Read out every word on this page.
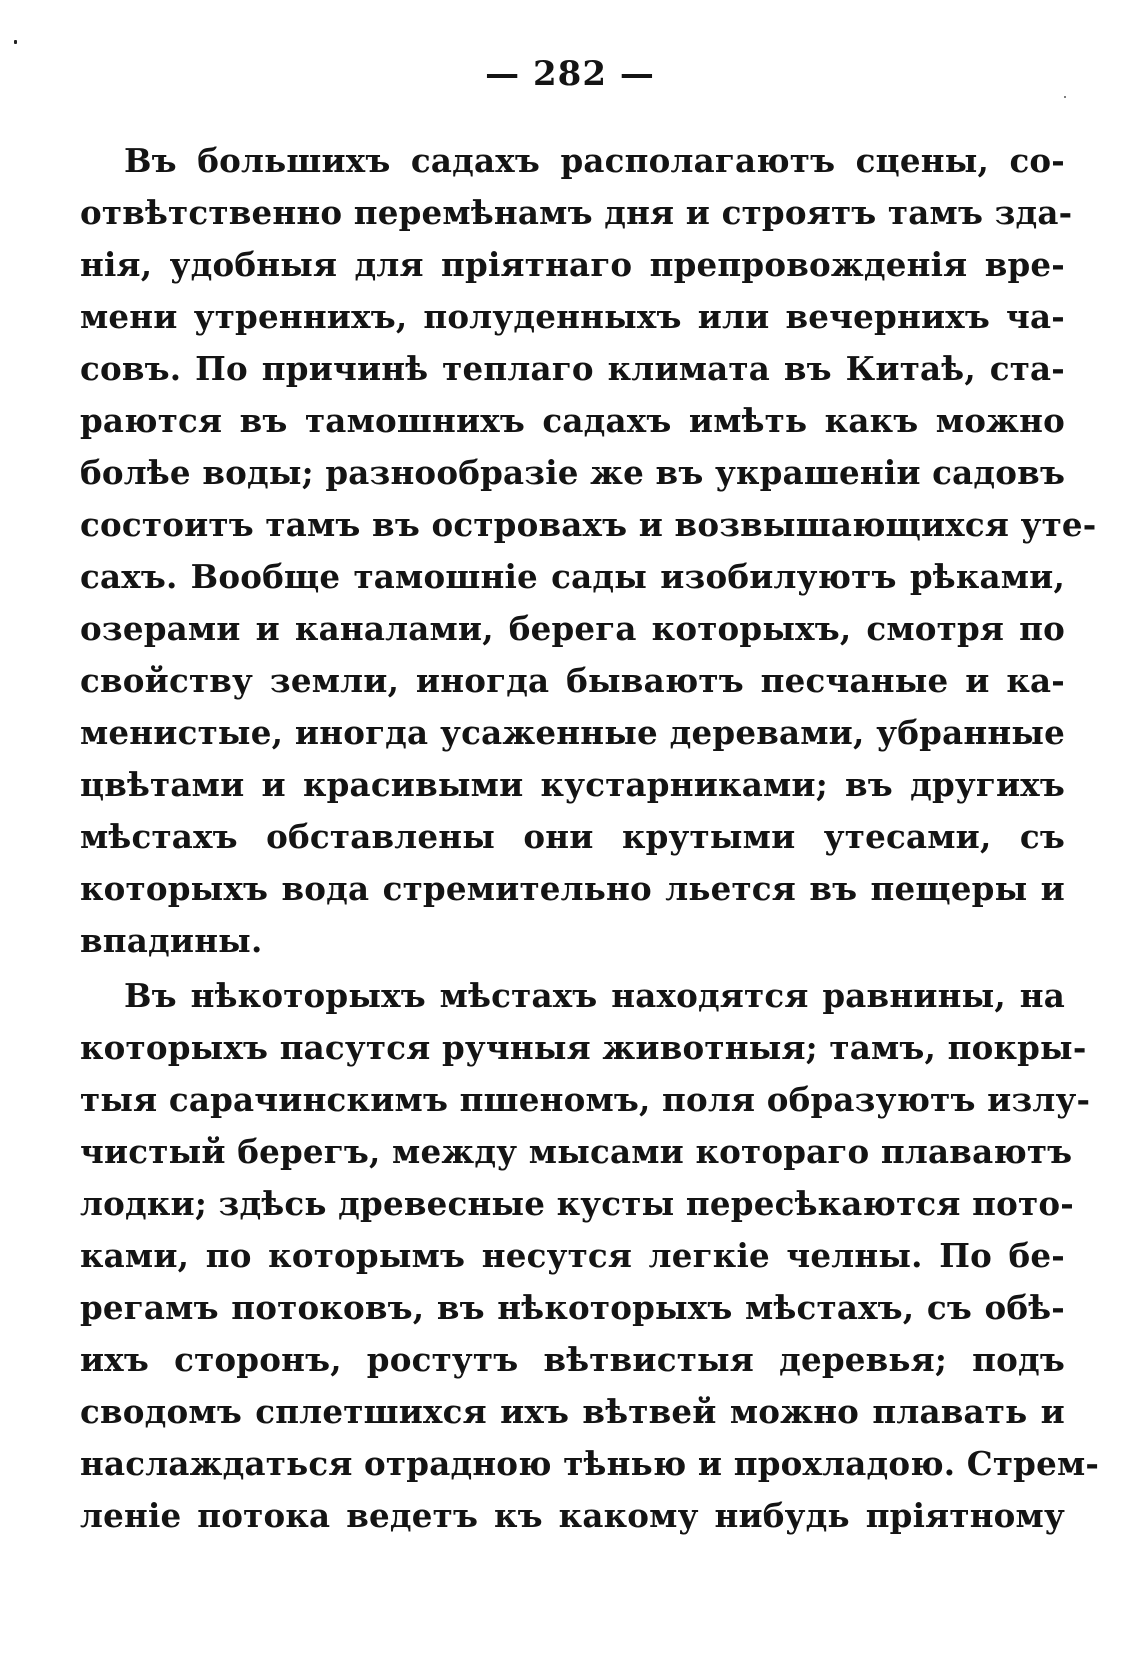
— 282 —
Въ большихъ садахъ располагаютъ сцены, со-
отвѣтственно перемѣнамъ дня и строятъ тамъ зда-
нія, удобныя для пріятнаго препровожденія вре-
мени утреннихъ, полуденныхъ или вечернихъ ча-
совъ. По причинѣ теплаго климата въ Китаѣ, ста-
раются въ тамошнихъ садахъ имѣть какъ можно
болѣе воды; разнообразіе же въ украшеніи садовъ
состоитъ тамъ въ островахъ и возвышающихся уте-
сахъ. Вообще тамошніе сады изобилуютъ рѣками,
озерами и каналами, берега которыхъ, смотря по
свойству земли, иногда бываютъ песчаные и ка-
менистые, иногда усаженные деревами, убранные
цвѣтами и красивыми кустарниками; въ другихъ
мѣстахъ обставлены они крутыми утесами, съ
которыхъ вода стремительно льется въ пещеры и
впадины.
Въ нѣкоторыхъ мѣстахъ находятся равнины, на
которыхъ пасутся ручныя животныя; тамъ, покры-
тыя сарачинскимъ пшеномъ, поля образуютъ излу-
чистый берегъ, между мысами котораго плаваютъ
лодки; здѣсь древесные кусты пересѣкаются пото-
ками, по которымъ несутся легкіе челны. По бе-
регамъ потоковъ, въ нѣкоторыхъ мѣстахъ, съ обѣ-
ихъ сторонъ, ростутъ вѣтвистыя деревья; подъ
сводомъ сплетшихся ихъ вѣтвей можно плавать и
наслаждаться отрадною тѣнью и прохладою. Стрем-
леніе потока ведетъ къ какому нибудь пріятному
